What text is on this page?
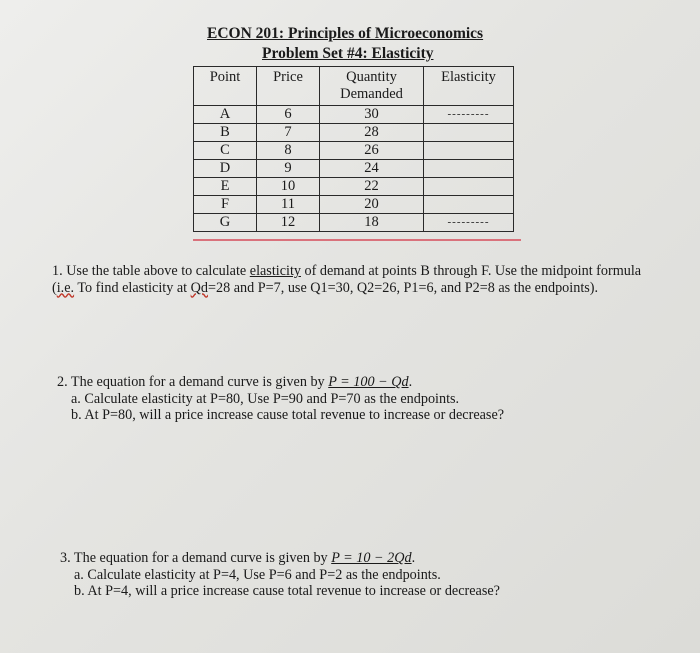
ECON 201: Principles of Microeconomics
Problem Set #4: Elasticity
Point	Price	Quantity Demanded	Elasticity
A	6	30	---------
B	7	28	
C	8	26	
D	9	24	
E	10	22	
F	11	20	
G	12	18	---------
1. Use the table above to calculate elasticity of demand at points B through F. Use the midpoint formula (i.e. To find elasticity at Qd=28 and P=7, use Q1=30, Q2=26, P1=6, and P2=8 as the endpoints).
2. The equation for a demand curve is given by P = 100 − Qd.
a. Calculate elasticity at P=80, Use P=90 and P=70 as the endpoints.
b. At P=80, will a price increase cause total revenue to increase or decrease?
3. The equation for a demand curve is given by P = 10 − 2Qd.
a. Calculate elasticity at P=4, Use P=6 and P=2 as the endpoints.
b. At P=4, will a price increase cause total revenue to increase or decrease?
